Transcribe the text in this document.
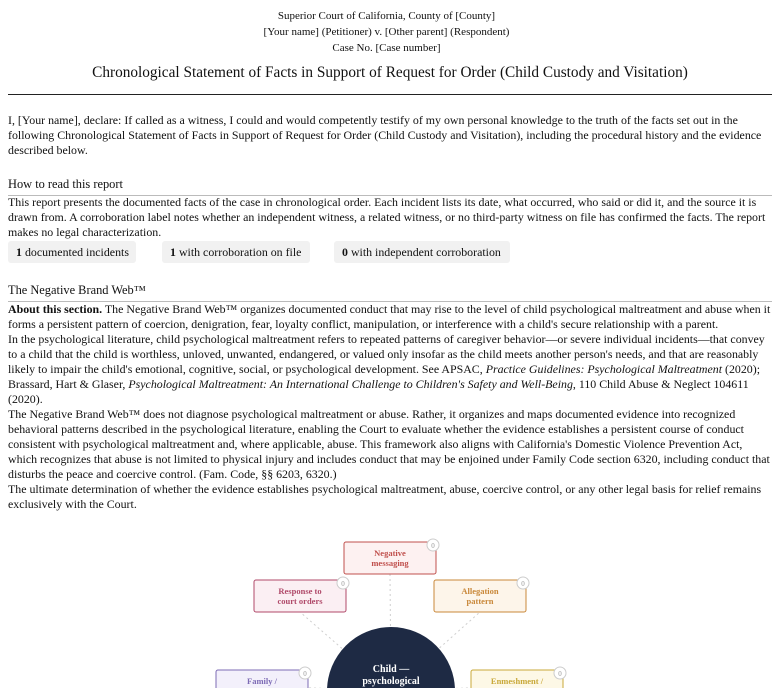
Superior Court of California, County of [County]
[Your name] (Petitioner) v. [Other parent] (Respondent)
Case No. [Case number]
Chronological Statement of Facts in Support of Request for Order (Child Custody and Visitation)
I, [Your name], declare: If called as a witness, I could and would competently testify of my own personal knowledge to the truth of the facts set out in the following Chronological Statement of Facts in Support of Request for Order (Child Custody and Visitation), including the procedural history and the evidence described below.
How to read this report
This report presents the documented facts of the case in chronological order. Each incident lists its date, what occurred, who said or did it, and the source it is drawn from. A corroboration label notes whether an independent witness, a related witness, or no third-party witness on file has confirmed the facts. The report makes no legal characterization.
1 documented incidents	1 with corroboration on file	0 with independent corroboration
The Negative Brand Web™

About this section. The Negative Brand Web™ organizes documented conduct that may rise to the level of child psychological maltreatment and abuse when it forms a persistent pattern of coercion, denigration, fear, loyalty conflict, manipulation, or interference with a child's secure relationship with a parent.

In the psychological literature, child psychological maltreatment refers to repeated patterns of caregiver behavior—or severe individual incidents—that convey to a child that the child is worthless, unloved, unwanted, endangered, or valued only insofar as the child meets another person's needs, and that are reasonably likely to impair the child's emotional, cognitive, social, or psychological development. See APSAC, Practice Guidelines: Psychological Maltreatment (2020); Brassard, Hart & Glaser, Psychological Maltreatment: An International Challenge to Children's Safety and Well-Being, 110 Child Abuse & Neglect 104611 (2020).

The Negative Brand Web™ does not diagnose psychological maltreatment or abuse. Rather, it organizes and maps documented evidence into recognized behavioral patterns described in the psychological literature, enabling the Court to evaluate whether the evidence establishes a persistent course of conduct consistent with psychological maltreatment and, where applicable, abuse. This framework also aligns with California's Domestic Violence Prevention Act, which recognizes that abuse is not limited to physical injury and includes conduct that may be enjoined under Family Code section 6320, including conduct that disturbs the peace and coercive control. (Fam. Code, §§ 6203, 6320.)

The ultimate determination of whether the evidence establishes psychological maltreatment, abuse, coercive control, or any other legal basis for relief remains exclusively with the Court.

Child —
psychological
Negative
messaging
0
Allegation
pattern
0
Enmeshment /
0
Family /
0
Response to
court orders
0
